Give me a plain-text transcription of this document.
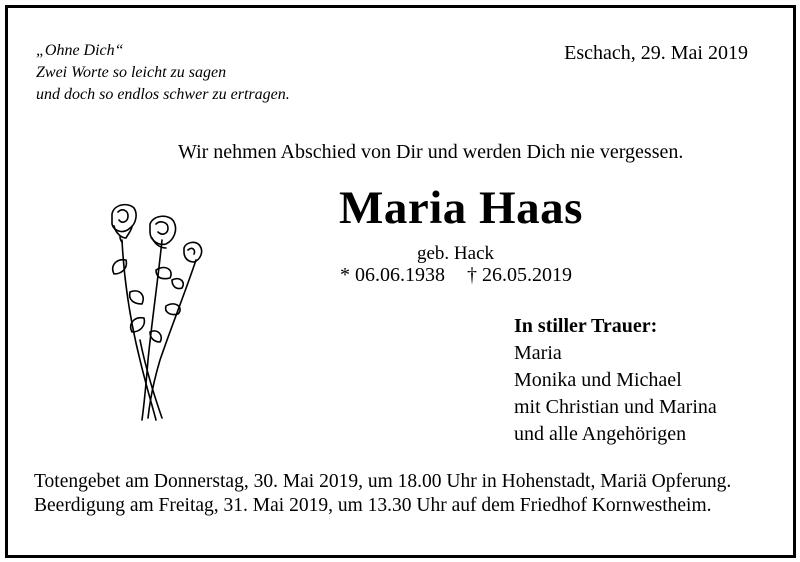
„Ohne Dich“
Zwei Worte so leicht zu sagen
und doch so endlos schwer zu ertragen.
Eschach, 29. Mai 2019
Wir nehmen Abschied von Dir und werden Dich nie vergessen.
Maria Haas
geb. Hack
* 06.06.1938 † 26.05.2019
In stiller Trauer:
Maria
Monika und Michael
mit Christian und Marina
und alle Angehörigen
Totengebet am Donnerstag, 30. Mai 2019, um 18.00 Uhr in Hohenstadt, Mariä Opferung.
Beerdigung am Freitag, 31. Mai 2019, um 13.30 Uhr auf dem Friedhof Kornwestheim.
